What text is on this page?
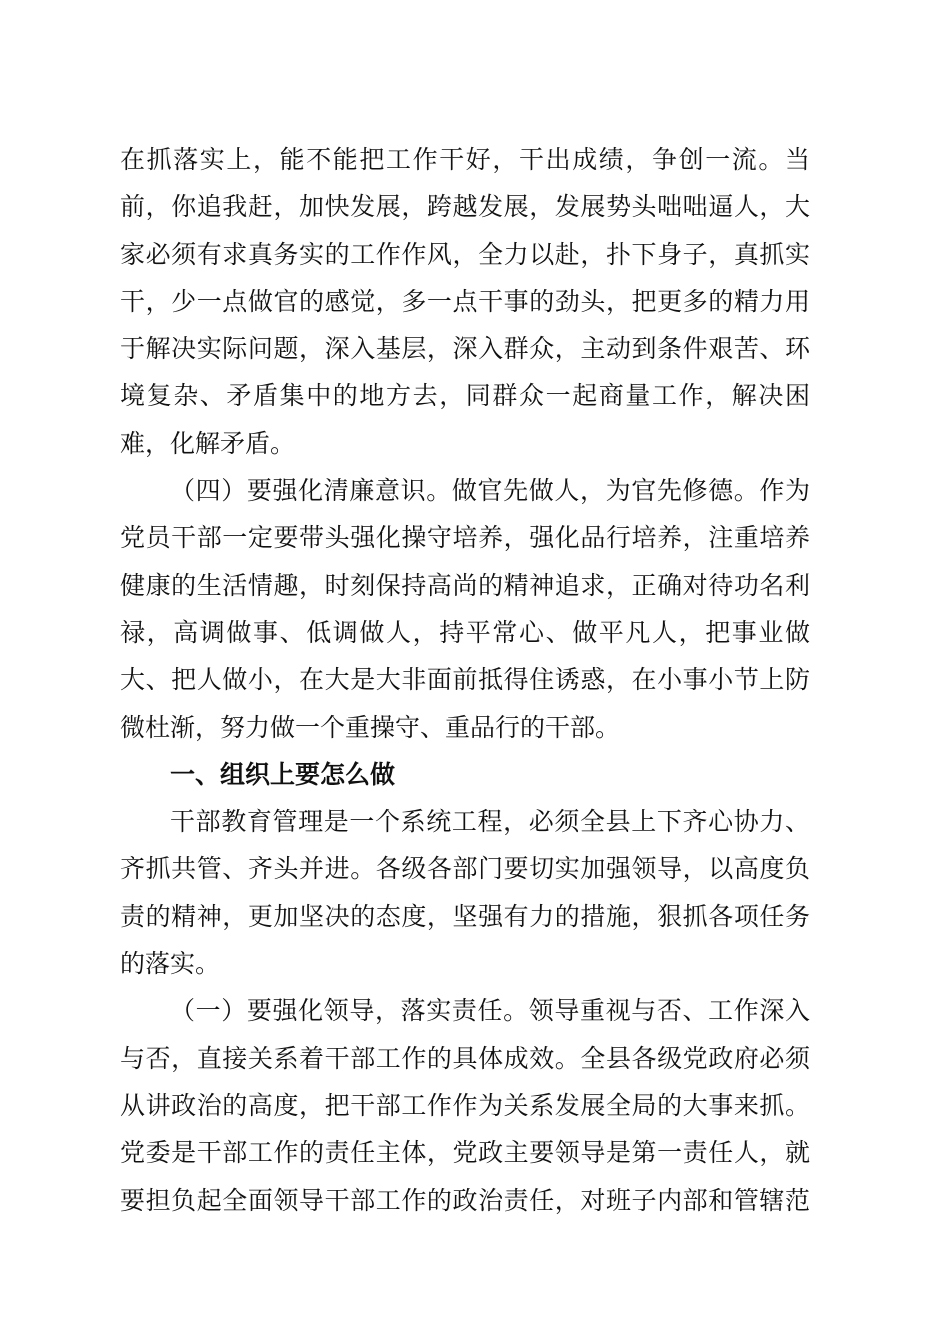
在抓落实上，能不能把工作干好，干出成绩，争创一流。当
前，你追我赶，加快发展，跨越发展，发展势头咄咄逼人，大
家必须有求真务实的工作作风，全力以赴，扑下身子，真抓实
干，少一点做官的感觉，多一点干事的劲头，把更多的精力用
于解决实际问题，深入基层，深入群众，主动到条件艰苦、环
境复杂、矛盾集中的地方去，同群众一起商量工作，解决困
难，化解矛盾。
（四）要强化清廉意识。做官先做人，为官先修德。作为
党员干部一定要带头强化操守培养，强化品行培养，注重培养
健康的生活情趣，时刻保持高尚的精神追求，正确对待功名利
禄，高调做事、低调做人，持平常心、做平凡人，把事业做
大、把人做小，在大是大非面前抵得住诱惑，在小事小节上防
微杜渐，努力做一个重操守、重品行的干部。
一、组织上要怎么做
干部教育管理是一个系统工程，必须全县上下齐心协力、
齐抓共管、齐头并进。各级各部门要切实加强领导，以高度负
责的精神，更加坚决的态度，坚强有力的措施，狠抓各项任务
的落实。
（一）要强化领导，落实责任。领导重视与否、工作深入
与否，直接关系着干部工作的具体成效。全县各级党政府必须
从讲政治的高度，把干部工作作为关系发展全局的大事来抓。
党委是干部工作的责任主体，党政主要领导是第一责任人，就
要担负起全面领导干部工作的政治责任，对班子内部和管辖范
